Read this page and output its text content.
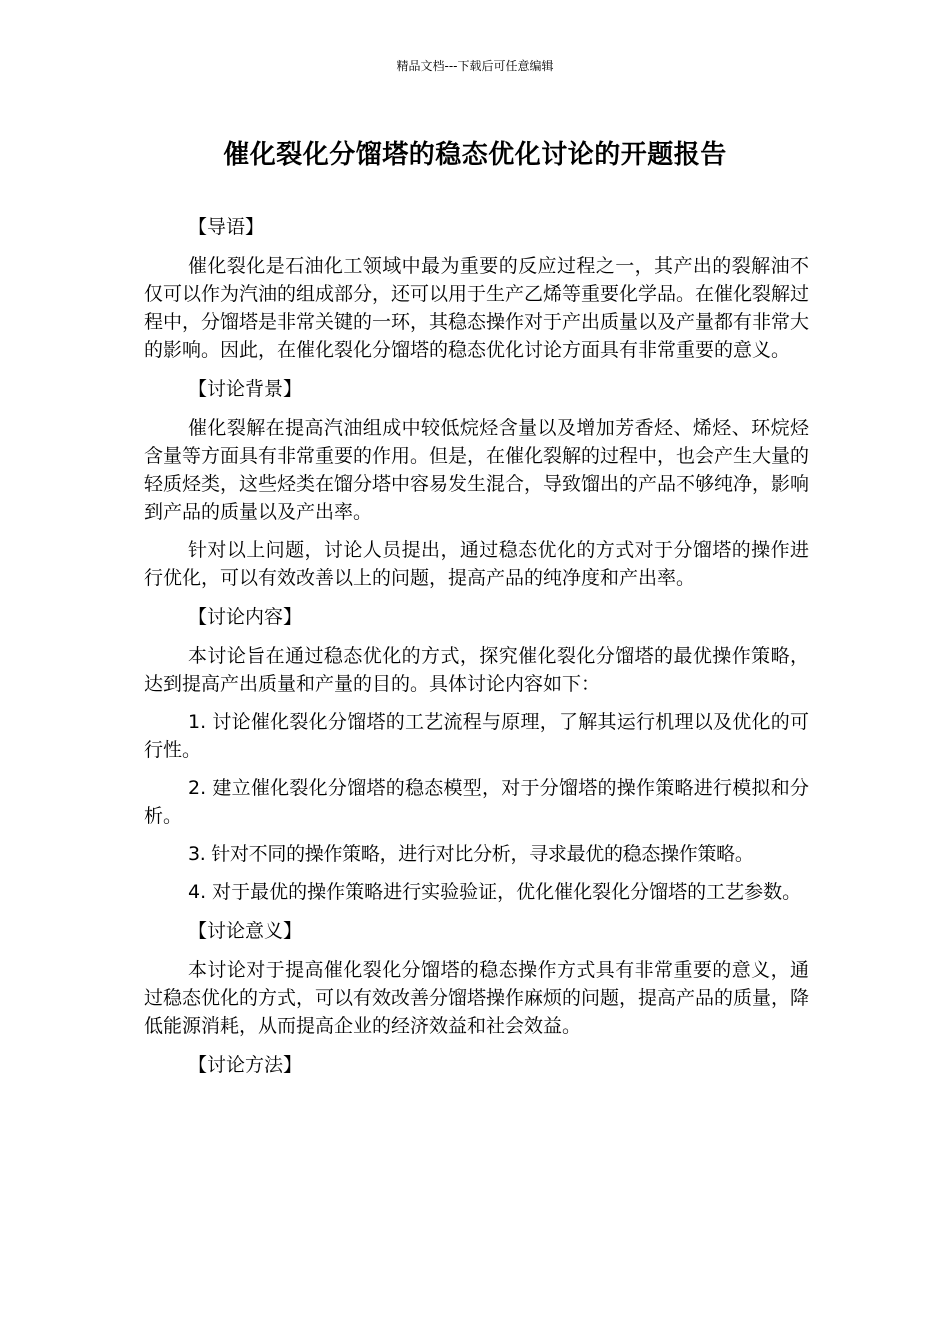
精品文档---下载后可任意编辑
催化裂化分馏塔的稳态优化讨论的开题报告
【导语】

催化裂化是石油化工领域中最为重要的反应过程之一，其产出的裂解油不仅可以作为汽油的组成部分，还可以用于生产乙烯等重要化学品。在催化裂解过程中，分馏塔是非常关键的一环，其稳态操作对于产出质量以及产量都有非常大的影响。因此，在催化裂化分馏塔的稳态优化讨论方面具有非常重要的意义。

【讨论背景】

催化裂解在提高汽油组成中较低烷烃含量以及增加芳香烃、烯烃、环烷烃含量等方面具有非常重要的作用。但是，在催化裂解的过程中，也会产生大量的轻质烃类，这些烃类在馏分塔中容易发生混合，导致馏出的产品不够纯净，影响到产品的质量以及产出率。

针对以上问题，讨论人员提出，通过稳态优化的方式对于分馏塔的操作进行优化，可以有效改善以上的问题，提高产品的纯净度和产出率。

【讨论内容】

本讨论旨在通过稳态优化的方式，探究催化裂化分馏塔的最优操作策略，达到提高产出质量和产量的目的。具体讨论内容如下：

1. 讨论催化裂化分馏塔的工艺流程与原理，了解其运行机理以及优化的可行性。

2. 建立催化裂化分馏塔的稳态模型，对于分馏塔的操作策略进行模拟和分析。

3. 针对不同的操作策略，进行对比分析，寻求最优的稳态操作策略。

4. 对于最优的操作策略进行实验验证，优化催化裂化分馏塔的工艺参数。

【讨论意义】

本讨论对于提高催化裂化分馏塔的稳态操作方式具有非常重要的意义，通过稳态优化的方式，可以有效改善分馏塔操作麻烦的问题，提高产品的质量，降低能源消耗，从而提高企业的经济效益和社会效益。

【讨论方法】
